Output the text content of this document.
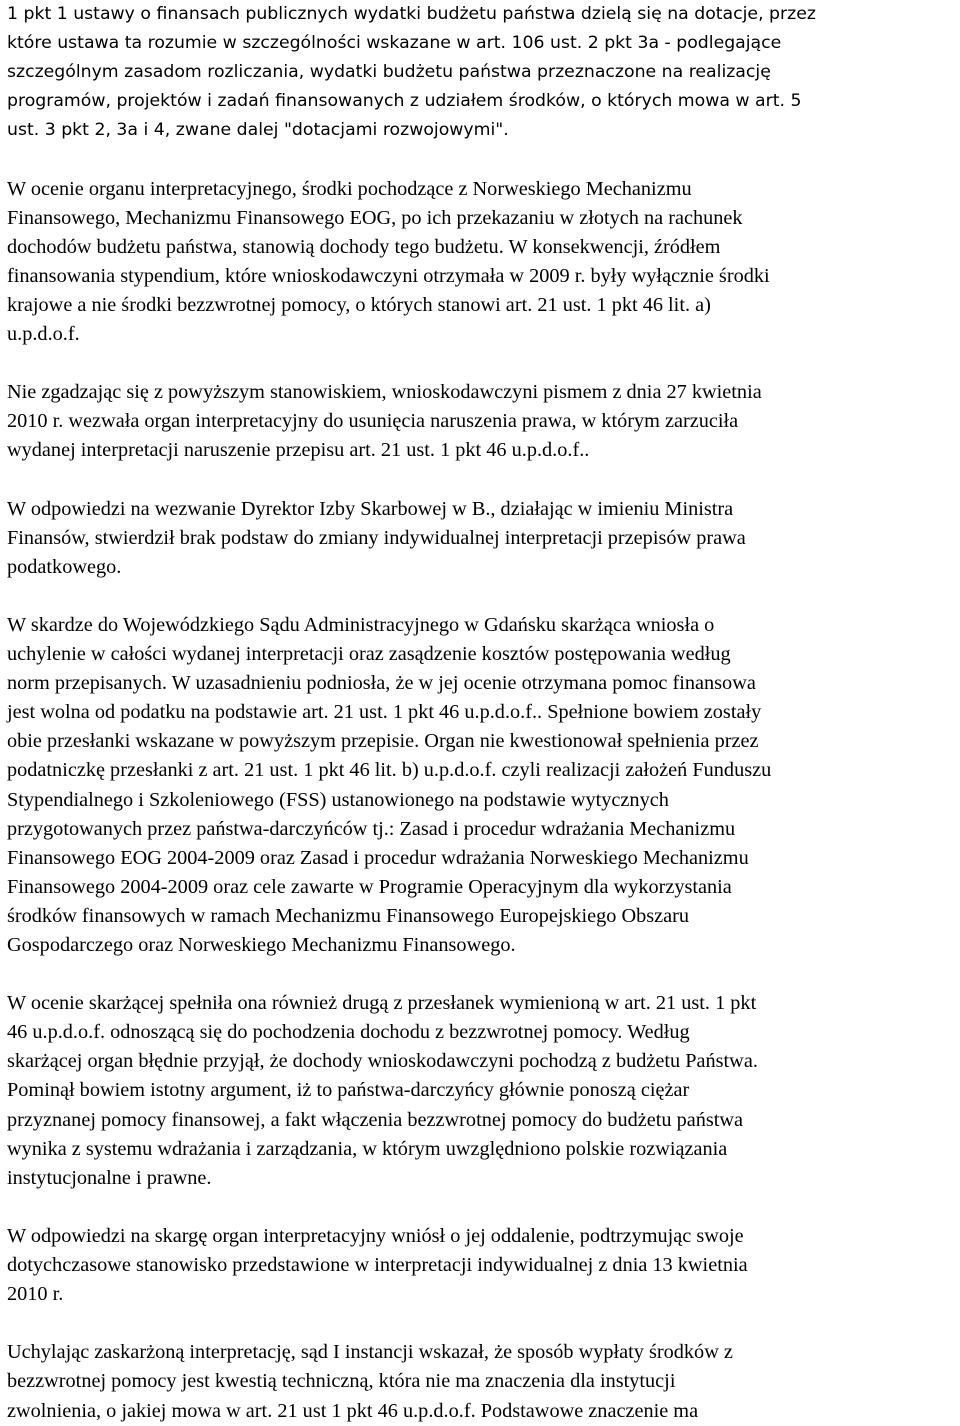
1 pkt 1 ustawy o finansach publicznych wydatki budżetu państwa dzielą się na dotacje, przez
które ustawa ta rozumie w szczególności wskazane w art. 106 ust. 2 pkt 3a - podlegające
szczególnym zasadom rozliczania, wydatki budżetu państwa przeznaczone na realizację
programów, projektów i zadań finansowanych z udziałem środków, o których mowa w art. 5
ust. 3 pkt 2, 3a i 4, zwane dalej "dotacjami rozwojowymi".
W ocenie organu interpretacyjnego, środki pochodzące z Norweskiego Mechanizmu
Finansowego, Mechanizmu Finansowego EOG, po ich przekazaniu w złotych na rachunek
dochodów budżetu państwa, stanowią dochody tego budżetu. W konsekwencji, źródłem
finansowania stypendium, które wnioskodawczyni otrzymała w 2009 r. były wyłącznie środki
krajowe a nie środki bezzwrotnej pomocy, o których stanowi art. 21 ust. 1 pkt 46 lit. a)
u.p.d.o.f.
Nie zgadzając się z powyższym stanowiskiem, wnioskodawczyni pismem z dnia 27 kwietnia
2010 r. wezwała organ interpretacyjny do usunięcia naruszenia prawa, w którym zarzuciła
wydanej interpretacji naruszenie przepisu art. 21 ust. 1 pkt 46 u.p.d.o.f..
W odpowiedzi na wezwanie Dyrektor Izby Skarbowej w B., działając w imieniu Ministra
Finansów, stwierdził brak podstaw do zmiany indywidualnej interpretacji przepisów prawa
podatkowego.
W skardze do Wojewódzkiego Sądu Administracyjnego w Gdańsku skarżąca wniosła o
uchylenie w całości wydanej interpretacji oraz zasądzenie kosztów postępowania według
norm przepisanych. W uzasadnieniu podniosła, że w jej ocenie otrzymana pomoc finansowa
jest wolna od podatku na podstawie art. 21 ust. 1 pkt 46 u.p.d.o.f.. Spełnione bowiem zostały
obie przesłanki wskazane w powyższym przepisie. Organ nie kwestionował spełnienia przez
podatniczkę przesłanki z art. 21 ust. 1 pkt 46 lit. b) u.p.d.o.f. czyli realizacji założeń Funduszu
Stypendialnego i Szkoleniowego (FSS) ustanowionego na podstawie wytycznych
przygotowanych przez państwa-darczyńców tj.: Zasad i procedur wdrażania Mechanizmu
Finansowego EOG 2004-2009 oraz Zasad i procedur wdrażania Norweskiego Mechanizmu
Finansowego 2004-2009 oraz cele zawarte w Programie Operacyjnym dla wykorzystania
środków finansowych w ramach Mechanizmu Finansowego Europejskiego Obszaru
Gospodarczego oraz Norweskiego Mechanizmu Finansowego.
W ocenie skarżącej spełniła ona również drugą z przesłanek wymienioną w art. 21 ust. 1 pkt
46 u.p.d.o.f. odnoszącą się do pochodzenia dochodu z bezzwrotnej pomocy. Według
skarżącej organ błędnie przyjął, że dochody wnioskodawczyni pochodzą z budżetu Państwa.
Pominął bowiem istotny argument, iż to państwa-darczyńcy głównie ponoszą ciężar
przyznanej pomocy finansowej, a fakt włączenia bezzwrotnej pomocy do budżetu państwa
wynika z systemu wdrażania i zarządzania, w którym uwzględniono polskie rozwiązania
instytucjonalne i prawne.
W odpowiedzi na skargę organ interpretacyjny wniósł o jej oddalenie, podtrzymując swoje
dotychczasowe stanowisko przedstawione w interpretacji indywidualnej z dnia 13 kwietnia
2010 r.
Uchylając zaskarżoną interpretację, sąd I instancji wskazał, że sposób wypłaty środków z
bezzwrotnej pomocy jest kwestią techniczną, która nie ma znaczenia dla instytucji
zwolnienia, o jakiej mowa w art. 21 ust 1 pkt 46 u.p.d.o.f. Podstawowe znaczenie ma
